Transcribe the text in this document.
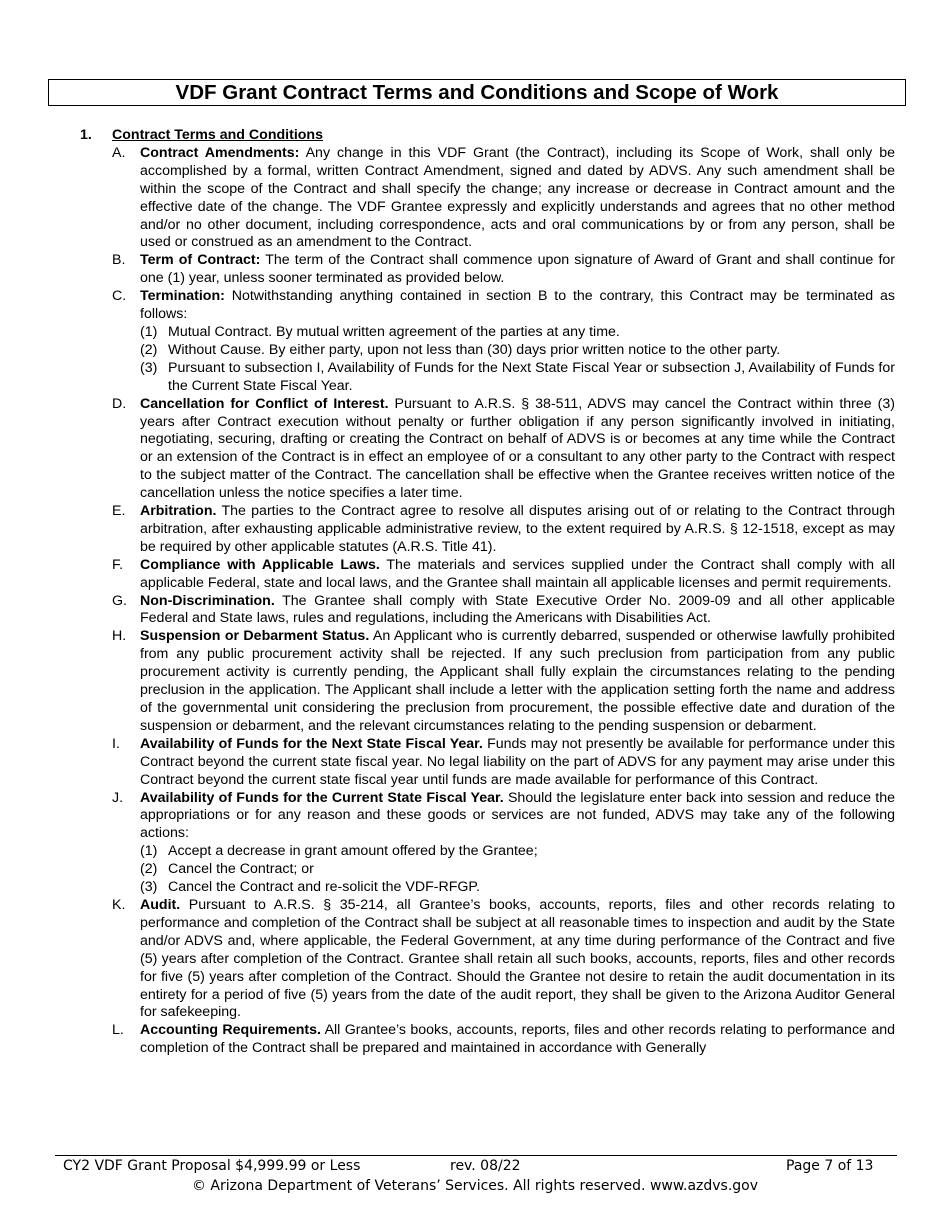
VDF Grant Contract Terms and Conditions and Scope of Work
1.	Contract Terms and Conditions
A. Contract Amendments: Any change in this VDF Grant (the Contract), including its Scope of Work, shall only be accomplished by a formal, written Contract Amendment, signed and dated by ADVS. Any such amendment shall be within the scope of the Contract and shall specify the change; any increase or decrease in Contract amount and the effective date of the change. The VDF Grantee expressly and explicitly understands and agrees that no other method and/or no other document, including correspondence, acts and oral communications by or from any person, shall be used or construed as an amendment to the Contract.
B. Term of Contract: The term of the Contract shall commence upon signature of Award of Grant and shall continue for one (1) year, unless sooner terminated as provided below.
C. Termination: Notwithstanding anything contained in section B to the contrary, this Contract may be terminated as follows:
(1) Mutual Contract. By mutual written agreement of the parties at any time.
(2) Without Cause. By either party, upon not less than (30) days prior written notice to the other party.
(3) Pursuant to subsection I, Availability of Funds for the Next State Fiscal Year or subsection J, Availability of Funds for the Current State Fiscal Year.
D. Cancellation for Conflict of Interest. Pursuant to A.R.S. § 38-511, ADVS may cancel the Contract within three (3) years after Contract execution without penalty or further obligation if any person significantly involved in initiating, negotiating, securing, drafting or creating the Contract on behalf of ADVS is or becomes at any time while the Contract or an extension of the Contract is in effect an employee of or a consultant to any other party to the Contract with respect to the subject matter of the Contract. The cancellation shall be effective when the Grantee receives written notice of the cancellation unless the notice specifies a later time.
E. Arbitration. The parties to the Contract agree to resolve all disputes arising out of or relating to the Contract through arbitration, after exhausting applicable administrative review, to the extent required by A.R.S. § 12-1518, except as may be required by other applicable statutes (A.R.S. Title 41).
F. Compliance with Applicable Laws. The materials and services supplied under the Contract shall comply with all applicable Federal, state and local laws, and the Grantee shall maintain all applicable licenses and permit requirements.
G. Non-Discrimination. The Grantee shall comply with State Executive Order No. 2009-09 and all other applicable Federal and State laws, rules and regulations, including the Americans with Disabilities Act.
H. Suspension or Debarment Status. An Applicant who is currently debarred, suspended or otherwise lawfully prohibited from any public procurement activity shall be rejected. If any such preclusion from participation from any public procurement activity is currently pending, the Applicant shall fully explain the circumstances relating to the pending preclusion in the application. The Applicant shall include a letter with the application setting forth the name and address of the governmental unit considering the preclusion from procurement, the possible effective date and duration of the suspension or debarment, and the relevant circumstances relating to the pending suspension or debarment.
I. Availability of Funds for the Next State Fiscal Year. Funds may not presently be available for performance under this Contract beyond the current state fiscal year. No legal liability on the part of ADVS for any payment may arise under this Contract beyond the current state fiscal year until funds are made available for performance of this Contract.
J. Availability of Funds for the Current State Fiscal Year. Should the legislature enter back into session and reduce the appropriations or for any reason and these goods or services are not funded, ADVS may take any of the following actions:
(1) Accept a decrease in grant amount offered by the Grantee;
(2) Cancel the Contract; or
(3) Cancel the Contract and re-solicit the VDF-RFGP.
K. Audit. Pursuant to A.R.S. § 35-214, all Grantee’s books, accounts, reports, files and other records relating to performance and completion of the Contract shall be subject at all reasonable times to inspection and audit by the State and/or ADVS and, where applicable, the Federal Government, at any time during performance of the Contract and five (5) years after completion of the Contract. Grantee shall retain all such books, accounts, reports, files and other records for five (5) years after completion of the Contract. Should the Grantee not desire to retain the audit documentation in its entirety for a period of five (5) years from the date of the audit report, they shall be given to the Arizona Auditor General for safekeeping.
L. Accounting Requirements. All Grantee’s books, accounts, reports, files and other records relating to performance and completion of the Contract shall be prepared and maintained in accordance with Generally
CY2 VDF Grant Proposal $4,999.99 or Less	rev. 08/22	Page 7 of 13
© Arizona Department of Veterans’ Services. All rights reserved. www.azdvs.gov
